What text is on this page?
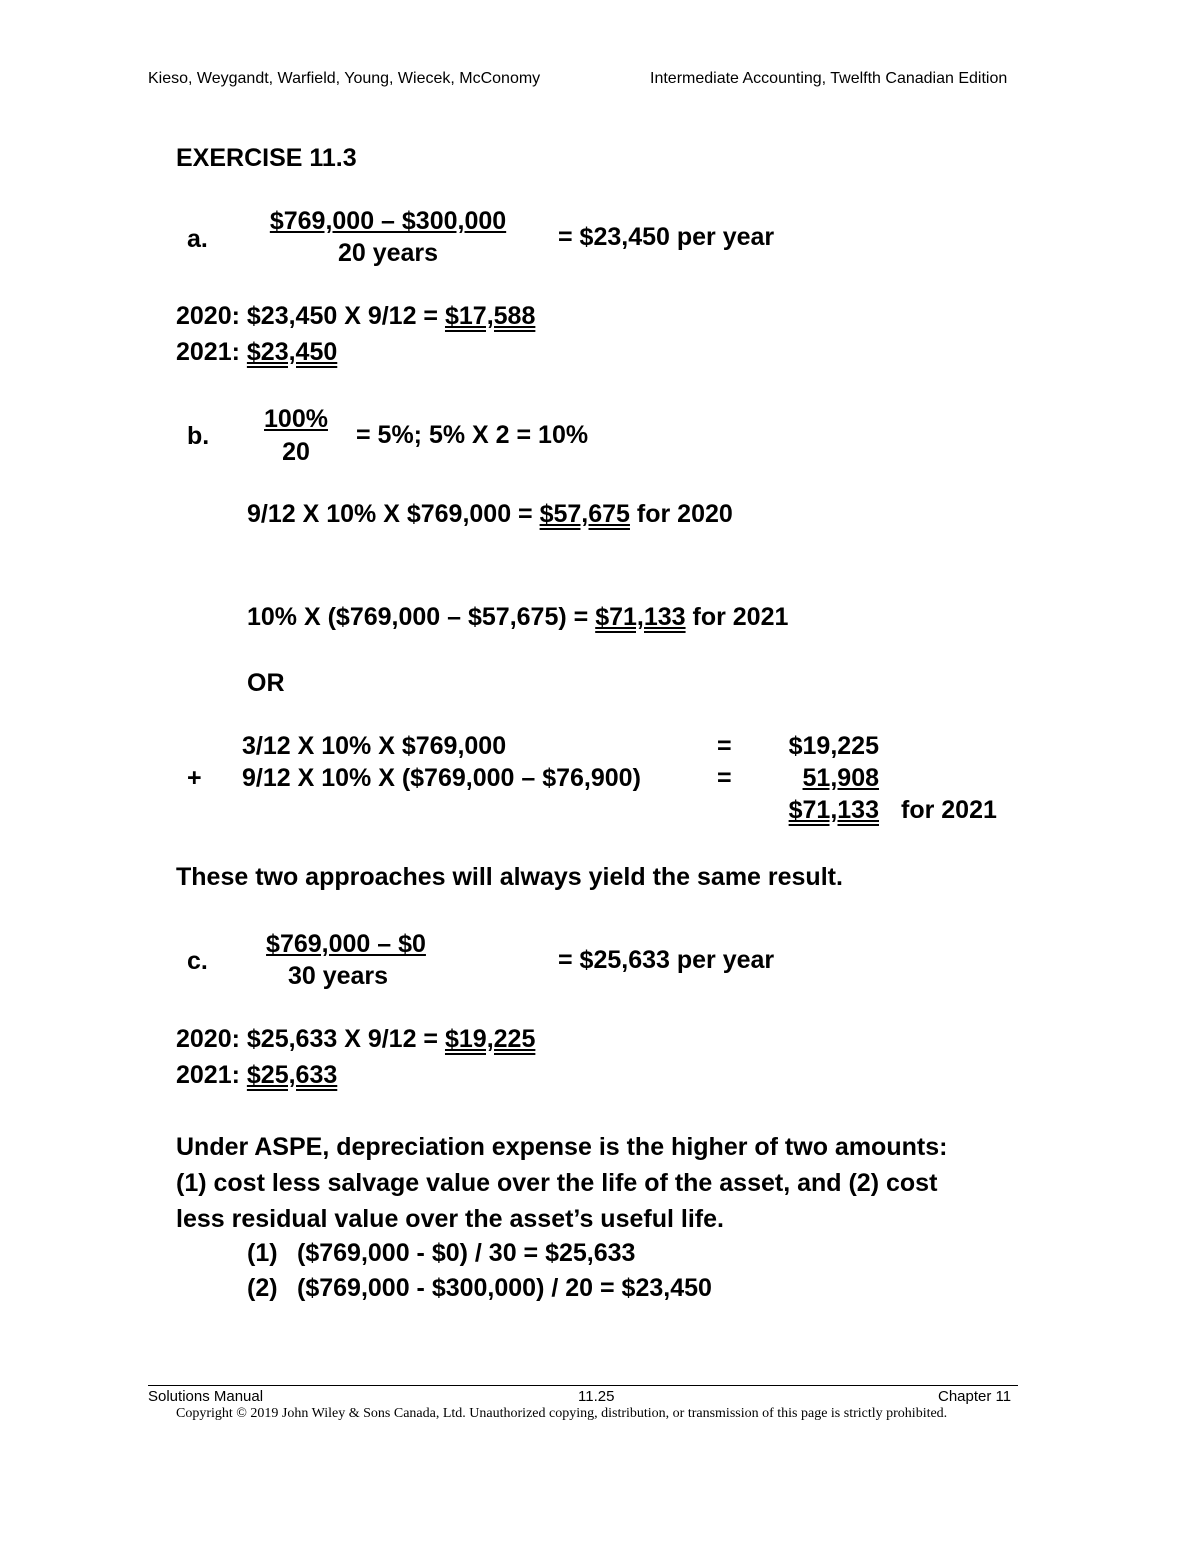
Kieso, Weygandt, Warfield, Young, Wiecek, McConomy	Intermediate Accounting, Twelfth Canadian Edition
EXERCISE 11.3
a.
$769,000 – $300,000
20 years
= $23,450 per year
2020: $23,450 X 9/12 = $17,588
2021: $23,450
b.
100%
20
= 5%; 5% X 2 = 10%
9/12 X 10% X $769,000 = $57,675 for 2020
10% X ($769,000 – $57,675) = $71,133 for 2021
OR
3/12 X 10% X $769,000	=	$19,225
+ 9/12 X 10% X ($769,000 – $76,900)	=	51,908
$71,133 for 2021
These two approaches will always yield the same result.
c.
$769,000 – $0
30 years
= $25,633 per year
2020: $25,633 X 9/12 = $19,225
2021: $25,633
Under ASPE, depreciation expense is the higher of two amounts:
(1) cost less salvage value over the life of the asset, and (2) cost
less residual value over the asset’s useful life.
(1) ($769,000 - $0) / 30 = $25,633
(2) ($769,000 - $300,000) / 20 = $23,450
Solutions Manual	11.25	Chapter 11
Copyright © 2019 John Wiley & Sons Canada, Ltd. Unauthorized copying, distribution, or transmission of this page is strictly prohibited.
